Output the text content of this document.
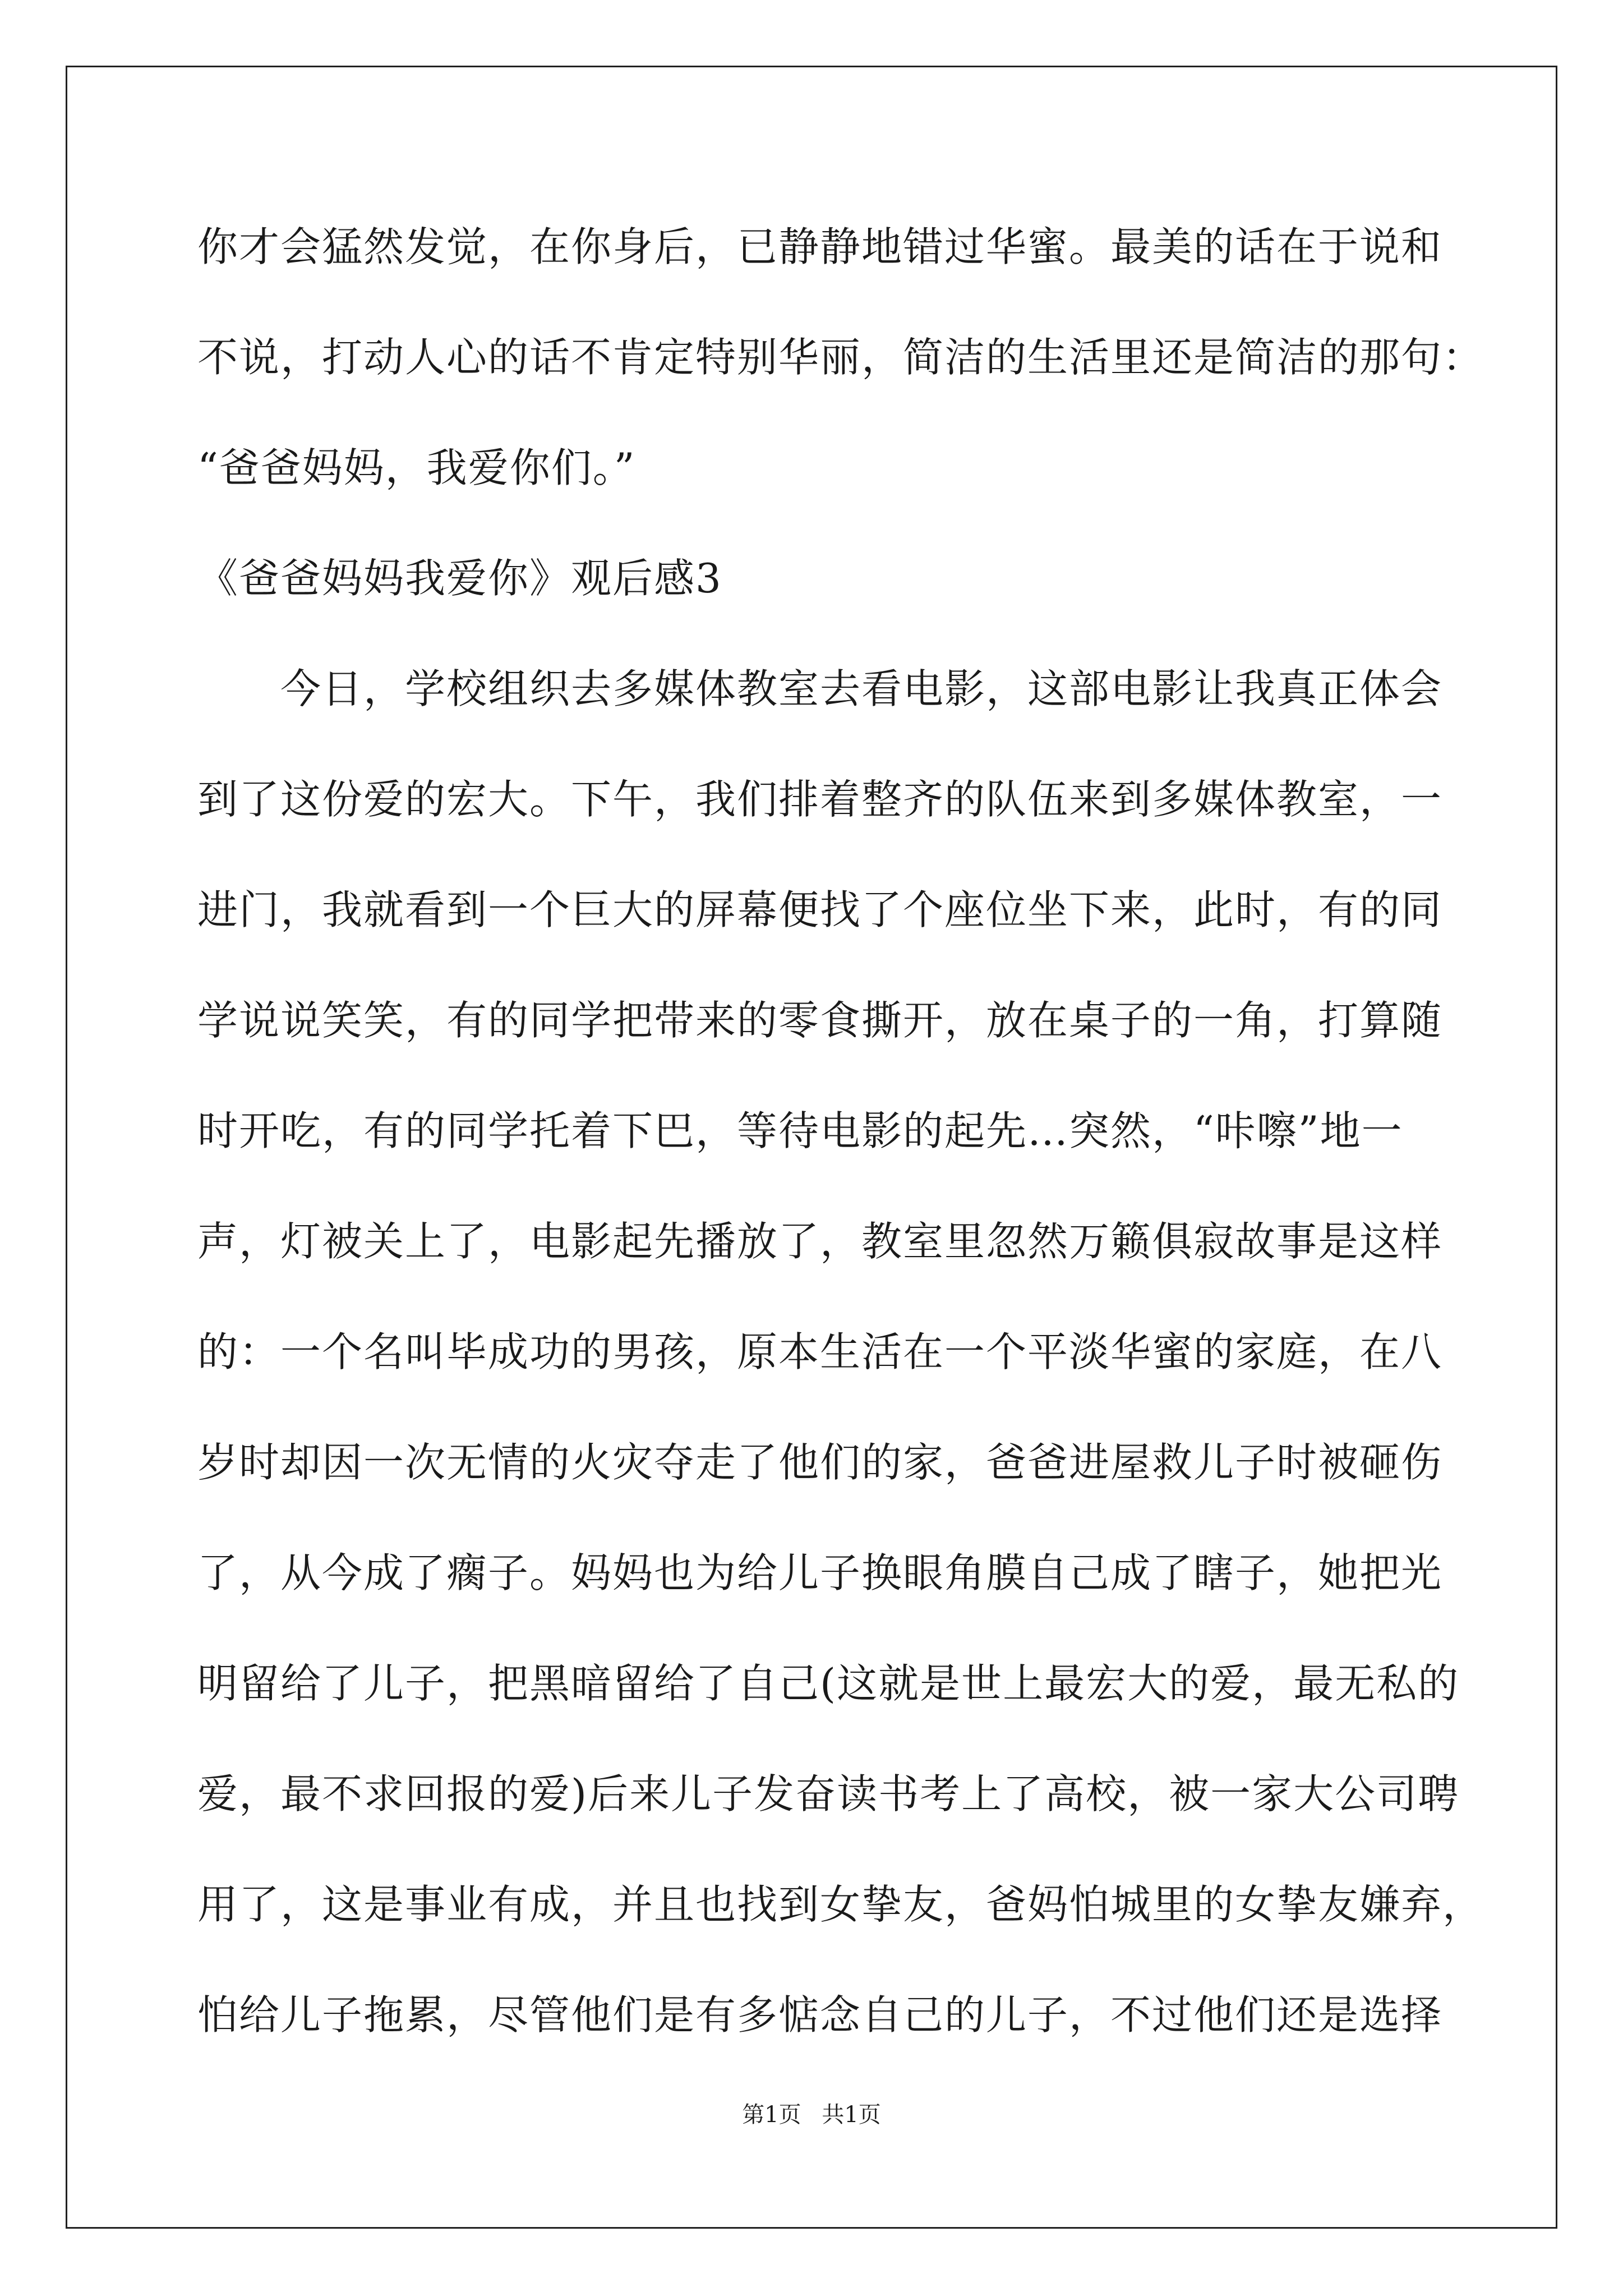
你才会猛然发觉，在你身后，已静静地错过华蜜。最美的话在于说和
不说，打动人心的话不肯定特别华丽，简洁的生活里还是简洁的那句：
“爸爸妈妈，我爱你们。”
《爸爸妈妈我爱你》观后感3
今日，学校组织去多媒体教室去看电影，这部电影让我真正体会
到了这份爱的宏大。下午，我们排着整齐的队伍来到多媒体教室，一
进门，我就看到一个巨大的屏幕便找了个座位坐下来，此时，有的同
学说说笑笑，有的同学把带来的零食撕开，放在桌子的一角，打算随
时开吃，有的同学托着下巴，等待电影的起先…突然，“咔嚓”地一
声，灯被关上了，电影起先播放了，教室里忽然万籁俱寂故事是这样
的：一个名叫毕成功的男孩，原本生活在一个平淡华蜜的家庭，在八
岁时却因一次无情的火灾夺走了他们的家，爸爸进屋救儿子时被砸伤
了，从今成了瘸子。妈妈也为给儿子换眼角膜自己成了瞎子，她把光
明留给了儿子，把黑暗留给了自己(这就是世上最宏大的爱，最无私的
爱，最不求回报的爱)后来儿子发奋读书考上了高校，被一家大公司聘
用了，这是事业有成，并且也找到女挚友，爸妈怕城里的女挚友嫌弃，
怕给儿子拖累，尽管他们是有多惦念自己的儿子，不过他们还是选择
第1页 共1页
